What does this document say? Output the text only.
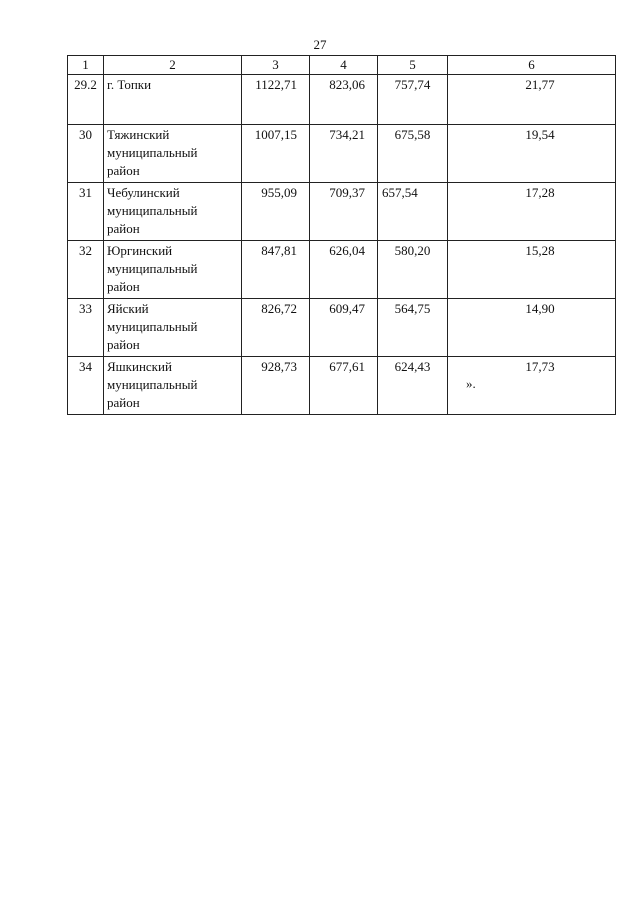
27
1	2	3	4	5	6
29.2	г. Топки	1122,71	823,06	757,74	21,77
30	Тяжинский
муниципальный
район	1007,15	734,21	675,58	19,54
31	Чебулинский
муниципальный
район	955,09	709,37	657,54	17,28
32	Юргинский
муниципальный
район	847,81	626,04	580,20	15,28
33	Яйский
муниципальный
район	826,72	609,47	564,75	14,90
34	Яшкинский
муниципальный
район	928,73	677,61	624,43	17,73
».
